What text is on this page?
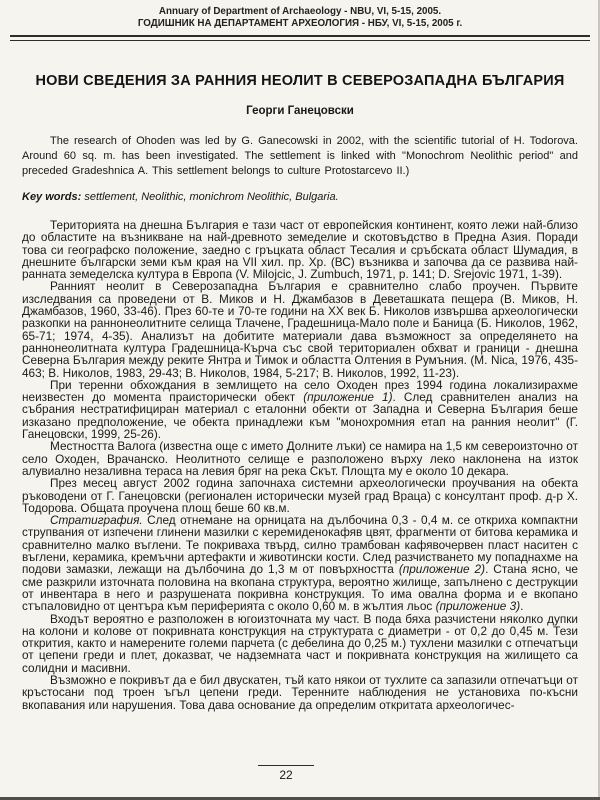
Annuary of Department of Archaeology - NBU, VI, 5-15, 2005.
ГОДИШНИК НА ДЕПАРТАМЕНТ АРХЕОЛОГИЯ - НБУ, VI, 5-15, 2005 г.
НОВИ СВЕДЕНИЯ ЗА РАННИЯ НЕОЛИТ В СЕВЕРОЗАПАДНА БЪЛГАРИЯ
Георги Ганецовски

The research of Ohoden was led by G. Ganecowski in 2002, with the scientific tutorial of H. Todorova. Around 60 sq. m. has been investigated. The settlement is linked with "Monochrom Neolithic period" and preceded Gradeshnica A. This settlement belongs to culture Protostarcevo II.)

Key words: settlement, Neolithic, monichrom Neolithic, Bulgaria.

Територията на днешна България е тази част от европейския континент, която лежи най-близо до областите на възникване на най-древното земеделие и скотовъдство в Предна Азия. Поради това си географско положение, заедно с гръцката област Тесалия и сръбската област Шумадия, в днешните български земи към края на VII хил. пр. Хр. (ВС) възниква и започва да се развива най-ранната земеделска култура в Европа (V. Milojcic, J. Zumbuch, 1971, p. 141; D. Srejovic 1971, 1-39).

Ранният неолит в Северозападна България е сравнително слабо проучен. Първите изследвания са проведени от В. Миков и Н. Джамбазов в Деветашката пещера (В. Миков, Н. Джамбазов, 1960, 33-46). През 60-те и 70-те години на ХХ век Б. Николов извършва археологически разкопки на раннонеолитните селища Тлачене, Градешница-Мало поле и Баница (Б. Николов, 1962, 65-71; 1974, 4-35). Анализът на добитите материали дава възможност за определянето на раннонеолитната култура Градешница-Кърча със свой териториален обхват и граници - днешна Северна България между реките Янтра и Тимок и областта Олтения в Румъния. (М. Nica, 1976, 435-463; В. Николов, 1983, 29-43; В. Николов, 1984, 5-217; В. Николов, 1992, 11-23).

При теренни обхождания в землището на село Оходен през 1994 година локализирахме неизвестен до момента праисторически обект (приложение 1). След сравнителен анализ на събрания нестратифициран материал с еталонни обекти от Западна и Северна България беше изказано предположение, че обекта принадлежи към "монохромния етап на ранния неолит" (Г. Ганецовски, 1999, 25-26).

Местността Валога (известна още с името Долните лъки) се намира на 1,5 км североизточно от село Оходен, Врачанско. Неолитното селище е разположено върху леко наклонена на изток алувиално незаливна тераса на левия бряг на река Скът. Площта му е около 10 декара.

През месец август 2002 година започнаха системни археологически проучвания на обекта ръководени от Г. Ганецовски (регионален исторически музей град Враца) с консултант проф. д-р Х. Тодорова. Общата проучена площ беше 60 кв.м.

Стратиграфия. След отнемане на орницата на дълбочина 0,3 - 0,4 м. се откриха компактни струпвания от изпечени глинени мазилки с керемиденокафяв цвят, фрагменти от битова керамика и сравнително малко въглени. Те покриваха твърд, силно трамбован кафявочервен пласт наситен с въглени, керамика, кремъчни артефакти и животински кости. След разчистването му попаднахме на подови замазки, лежащи на дълбочина до 1,3 м от повърхността (приложение 2). Стана ясно, че сме разкрили източната половина на вкопана структура, вероятно жилище, запълнено с деструкции от инвентара в него и разрушената покривна конструкция. То има овална форма и е вкопано стъпаловидно от центъра към периферията с около 0,60 м. в жълтия льос (приложение 3).

Входът вероятно е разположен в югоизточната му част. В пода бяха разчистени няколко дупки на колони и колове от покривната конструкция на структурата с диаметри - от 0,2 до 0,45 м. Тези открития, както и намерените големи парчета (с дебелина до 0,25 м.) тухлени мазилки с отпечатъци от цепени греди и плет, доказват, че надземната част и покривната конструкция на жилището са солидни и масивни.

Възможно е покривът да е бил двускатен, тъй като някои от тухлите са запазили отпечатъци от кръстосани под троен ъгъл цепени греди. Теренните наблюдения не установиха по-късни вкопавания или нарушения. Това дава основание да определим откритата археологичес-

22
